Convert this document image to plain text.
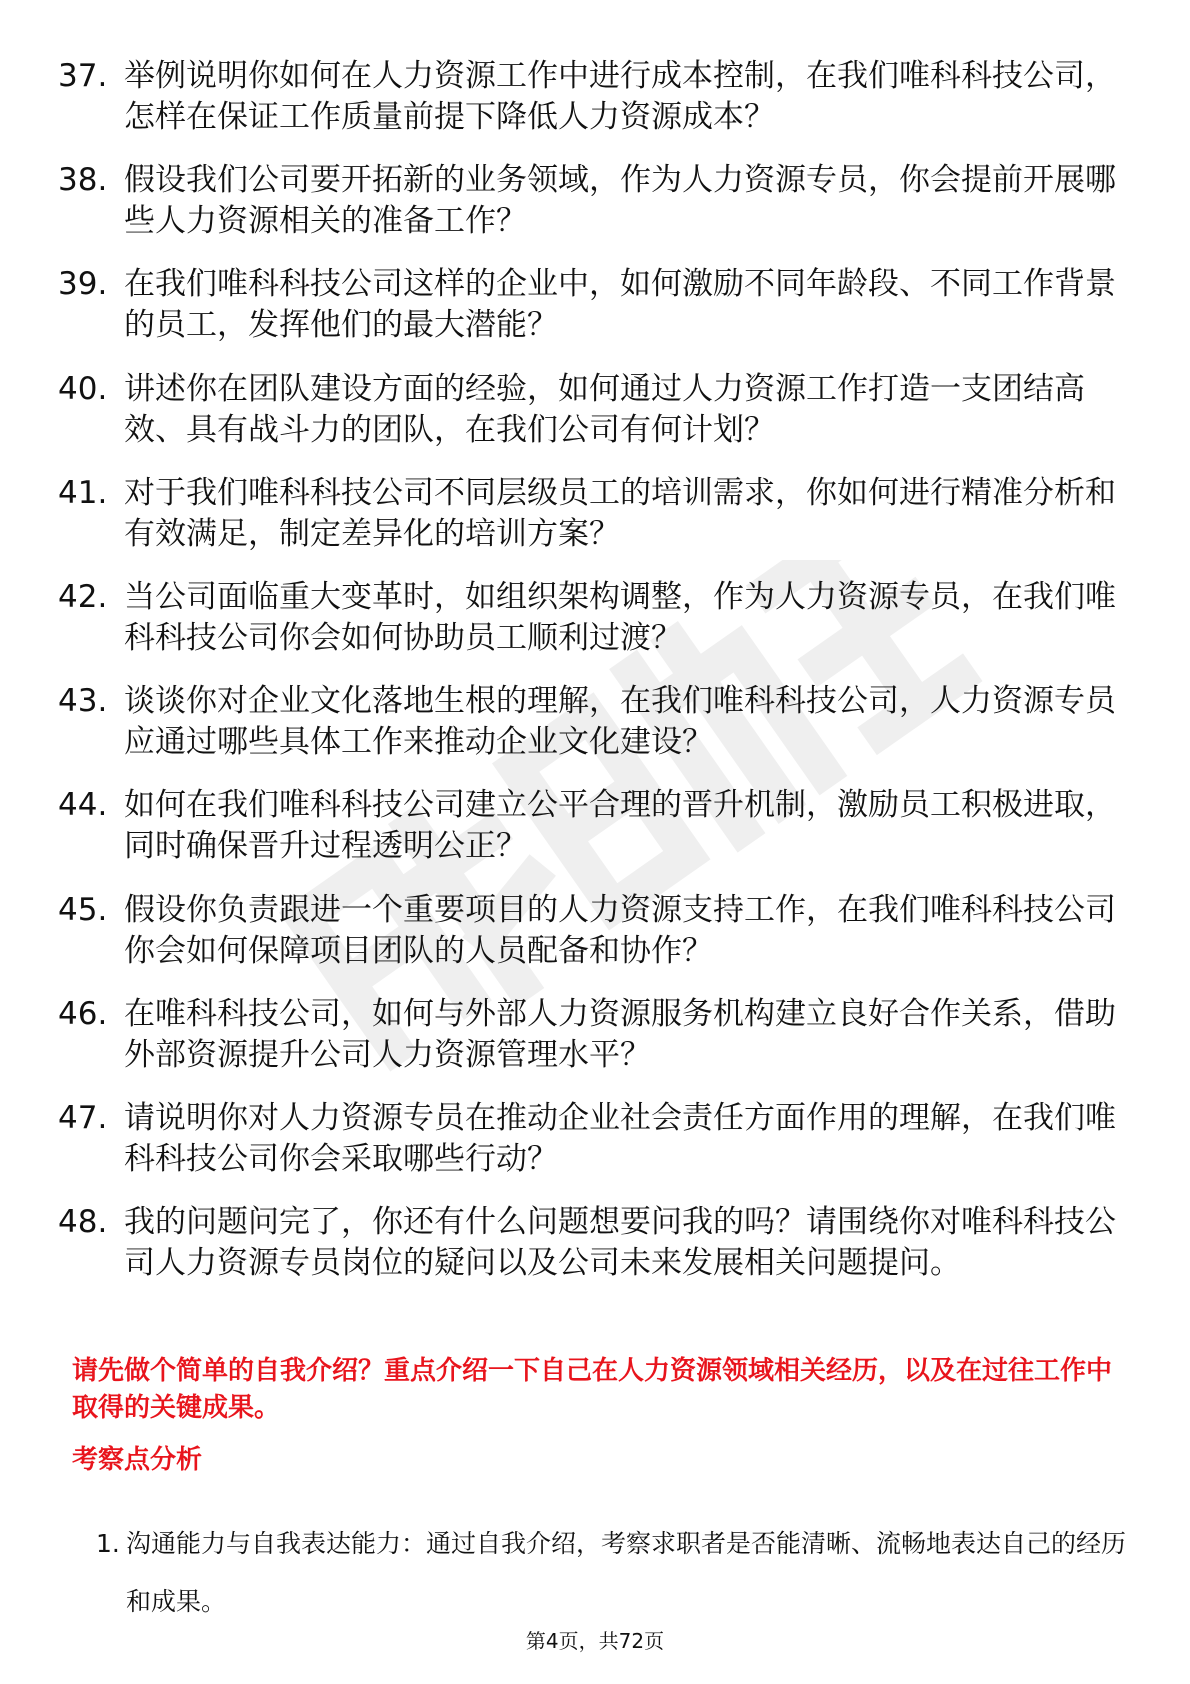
37. 举例说明你如何在人力资源工作中进行成本控制，在我们唯科科技公司，怎样在保证工作质量前提下降低人力资源成本？
38. 假设我们公司要开拓新的业务领域，作为人力资源专员，你会提前开展哪些人力资源相关的准备工作？
39. 在我们唯科科技公司这样的企业中，如何激励不同年龄段、不同工作背景的员工，发挥他们的最大潜能？
40. 讲述你在团队建设方面的经验，如何通过人力资源工作打造一支团结高效、具有战斗力的团队，在我们公司有何计划？
41. 对于我们唯科科技公司不同层级员工的培训需求，你如何进行精准分析和有效满足，制定差异化的培训方案？
42. 当公司面临重大变革时，如组织架构调整，作为人力资源专员，在我们唯科科技公司你会如何协助员工顺利过渡？
43. 谈谈你对企业文化落地生根的理解，在我们唯科科技公司，人力资源专员应通过哪些具体工作来推动企业文化建设？
44. 如何在我们唯科科技公司建立公平合理的晋升机制，激励员工积极进取，同时确保晋升过程透明公正？
45. 假设你负责跟进一个重要项目的人力资源支持工作，在我们唯科科技公司你会如何保障项目团队的人员配备和协作？
46. 在唯科科技公司，如何与外部人力资源服务机构建立良好合作关系，借助外部资源提升公司人力资源管理水平？
47. 请说明你对人力资源专员在推动企业社会责任方面作用的理解，在我们唯科科技公司你会采取哪些行动？
48. 我的问题问完了，你还有什么问题想要问我的吗？请围绕你对唯科科技公司人力资源专员岗位的疑问以及公司未来发展相关问题提问。

请先做个简单的自我介绍？重点介绍一下自己在人力资源领域相关经历，以及在过往工作中取得的关键成果。

考察点分析

1. 沟通能力与自我表达能力：通过自我介绍，考察求职者是否能清晰、流畅地表达自己的经历和成果。
第4页，共72页
